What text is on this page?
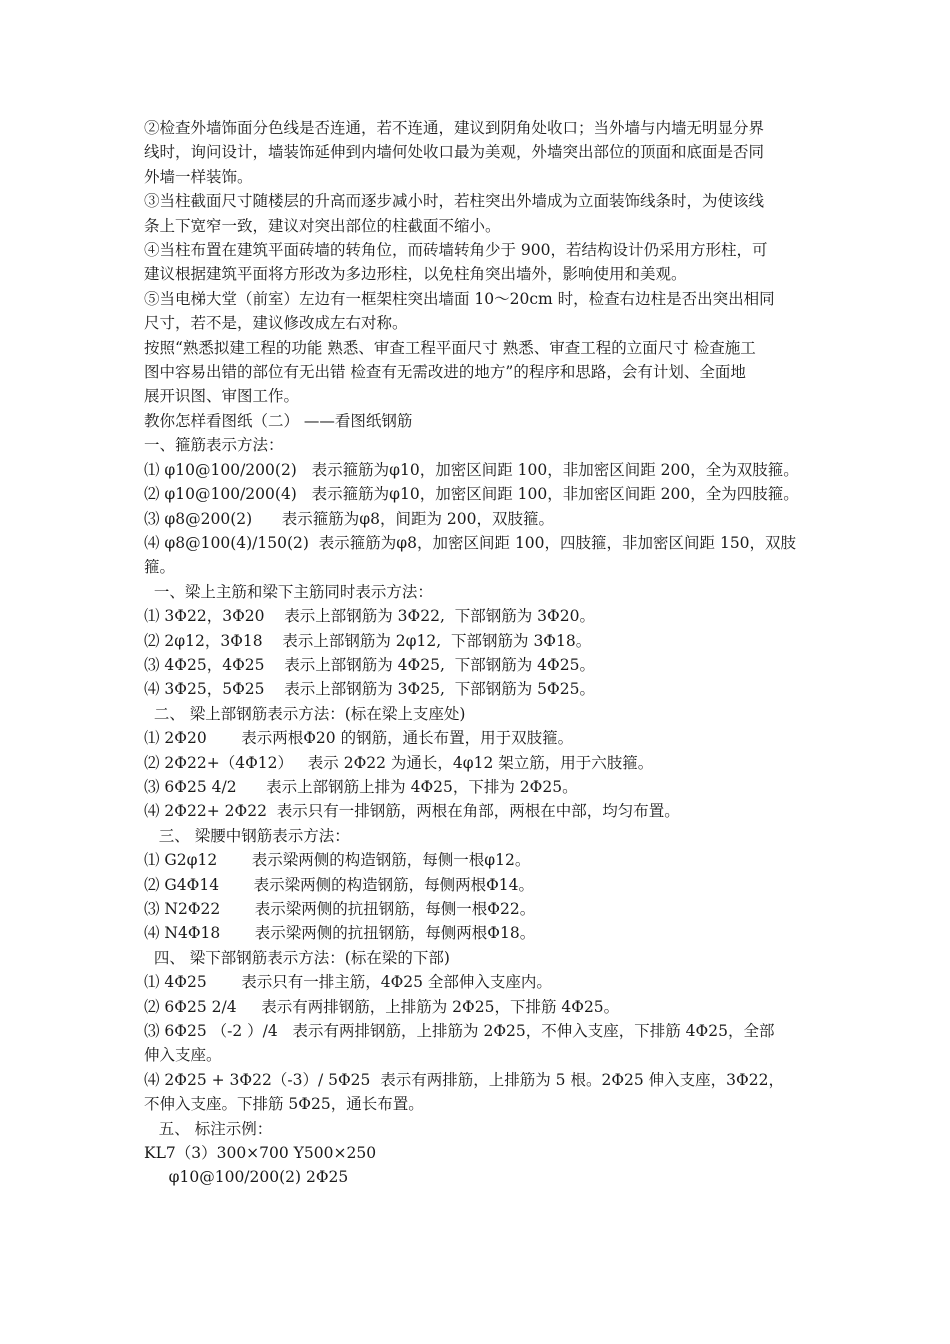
②检查外墙饰面分色线是否连通，若不连通，建议到阴角处收口；当外墙与内墙无明显分界

线时，询问设计，墙装饰延伸到内墙何处收口最为美观，外墙突出部位的顶面和底面是否同

外墙一样装饰。

③当柱截面尺寸随楼层的升高而逐步减小时，若柱突出外墙成为立面装饰线条时，为使该线

条上下宽窄一致，建议对突出部位的柱截面不缩小。

④当柱布置在建筑平面砖墙的转角位，而砖墙转角少于 900，若结构设计仍采用方形柱，可

建议根据建筑平面将方形改为多边形柱，以免柱角突出墙外，影响使用和美观。

⑤当电梯大堂（前室）左边有一框架柱突出墙面 10～20cm 时，检查右边柱是否出突出相同

尺寸，若不是，建议修改成左右对称。

按照“熟悉拟建工程的功能 熟悉、审查工程平面尺寸 熟悉、审查工程的立面尺寸 检查施工

图中容易出错的部位有无出错 检查有无需改进的地方”的程序和思路，会有计划、全面地

展开识图、审图工作。

教你怎样看图纸（二） ——看图纸钢筋

一、箍筋表示方法：

⑴ φ10@100/200(2)   表示箍筋为φ10，加密区间距 100，非加密区间距 200，全为双肢箍。

⑵ φ10@100/200(4)   表示箍筋为φ10，加密区间距 100，非加密区间距 200，全为四肢箍。

⑶ φ8@200(2)      表示箍筋为φ8，间距为 200，双肢箍。

⑷ φ8@100(4)/150(2)  表示箍筋为φ8，加密区间距 100，四肢箍，非加密区间距 150，双肢

箍。

一、梁上主筋和梁下主筋同时表示方法：

⑴ 3Φ22，3Φ20    表示上部钢筋为 3Φ22,  下部钢筋为 3Φ20。

⑵ 2φ12，3Φ18    表示上部钢筋为 2φ12,  下部钢筋为 3Φ18。

⑶ 4Φ25，4Φ25    表示上部钢筋为 4Φ25,  下部钢筋为 4Φ25。

⑷ 3Φ25，5Φ25    表示上部钢筋为 3Φ25,  下部钢筋为 5Φ25。

二、 梁上部钢筋表示方法：(标在梁上支座处)

⑴ 2Φ20       表示两根Φ20 的钢筋，通长布置，用于双肢箍。

⑵ 2Φ22+（4Φ12）   表示 2Φ22 为通长，4φ12 架立筋，用于六肢箍。

⑶ 6Φ25 4/2      表示上部钢筋上排为 4Φ25，下排为 2Φ25。

⑷ 2Φ22+ 2Φ22  表示只有一排钢筋，两根在角部，两根在中部，均匀布置。

三、 梁腰中钢筋表示方法：

⑴ G2φ12       表示梁两侧的构造钢筋，每侧一根φ12。

⑵ G4Φ14       表示梁两侧的构造钢筋，每侧两根Φ14。

⑶ N2Φ22       表示梁两侧的抗扭钢筋，每侧一根Φ22。

⑷ N4Φ18       表示梁两侧的抗扭钢筋，每侧两根Φ18。

四、 梁下部钢筋表示方法：(标在梁的下部)

⑴ 4Φ25       表示只有一排主筋，4Φ25 全部伸入支座内。

⑵ 6Φ25 2/4     表示有两排钢筋，上排筋为 2Φ25，下排筋 4Φ25。

⑶ 6Φ25 （-2 ）/4   表示有两排钢筋，上排筋为 2Φ25，不伸入支座，下排筋 4Φ25，全部

伸入支座。

⑷ 2Φ25 + 3Φ22（-3）/ 5Φ25  表示有两排筋，上排筋为 5 根。2Φ25 伸入支座，3Φ22，

不伸入支座。下排筋 5Φ25，通长布置。

五、 标注示例：

KL7（3）300×700 Y500×250

φ10@100/200(2) 2Φ25
